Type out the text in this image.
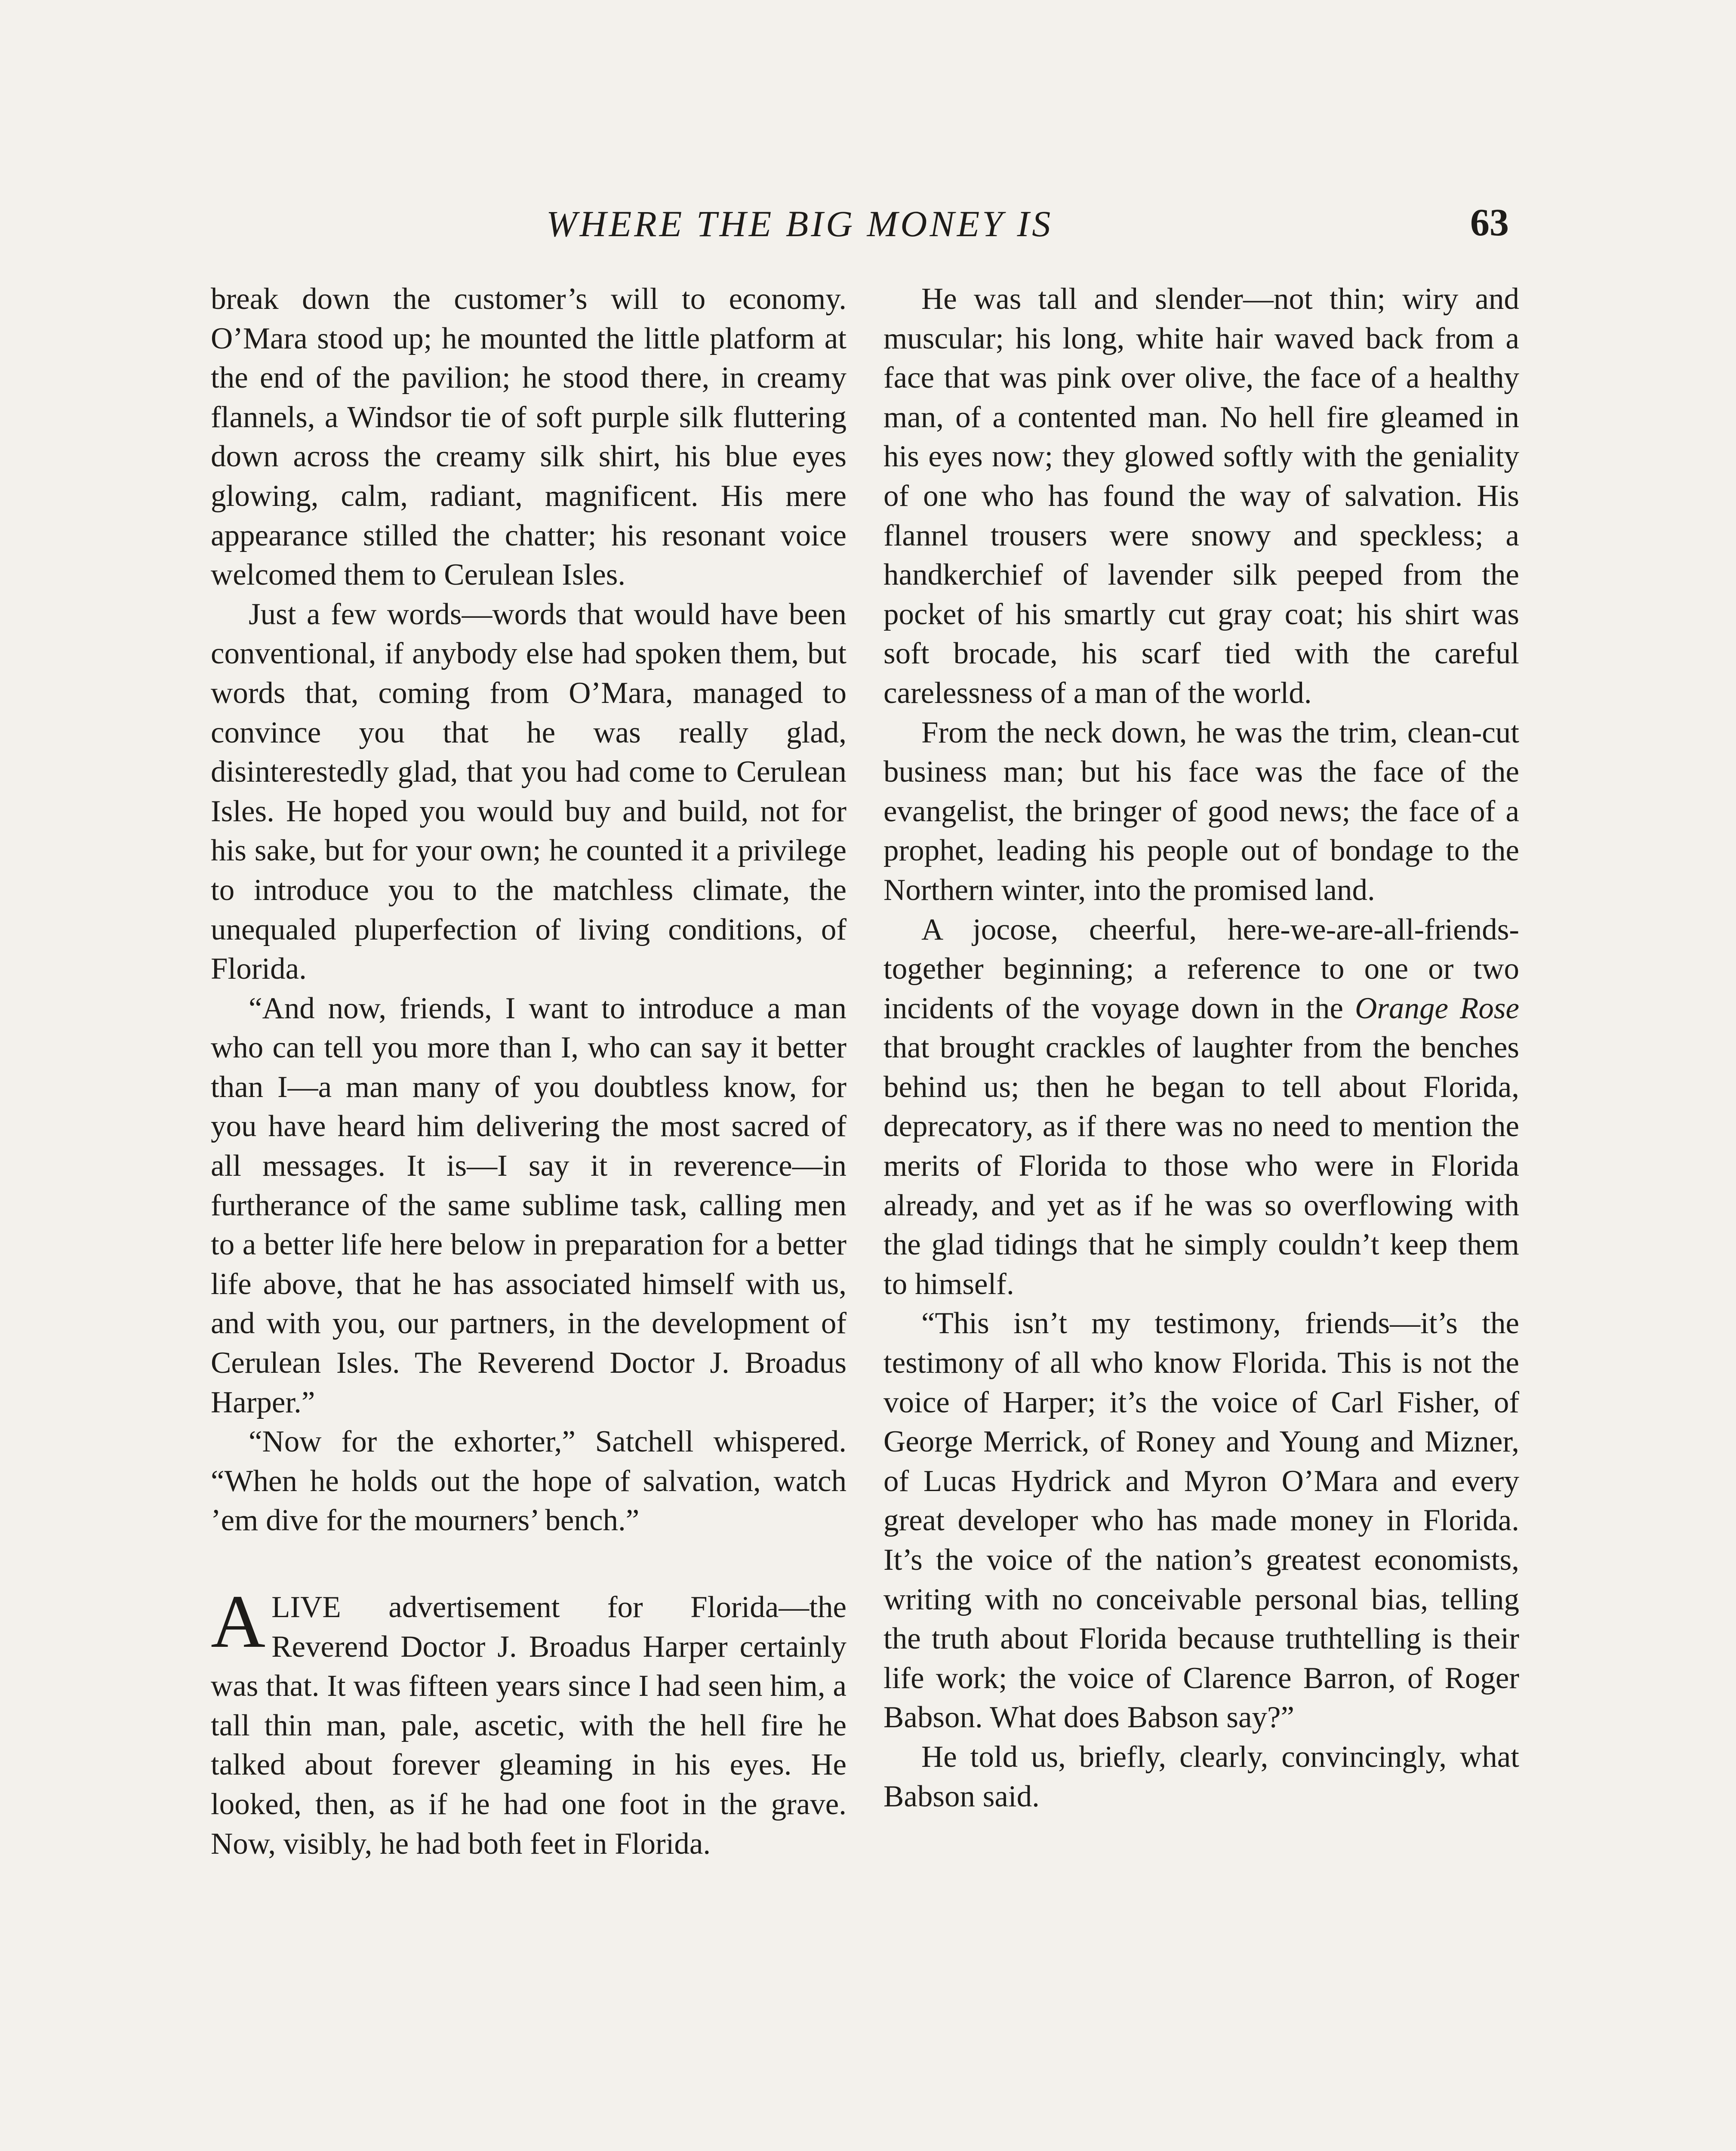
WHERE THE BIG MONEY IS	63

break down the customer’s will to economy. O’Mara stood up; he mounted the little platform at the end of the pavilion; he stood there, in creamy flannels, a Windsor tie of soft purple silk fluttering down across the creamy silk shirt, his blue eyes glowing, calm, radiant, magnificent. His mere appearance stilled the chatter; his resonant voice welcomed them to Cerulean Isles.

Just a few words—words that would have been conventional, if anybody else had spoken them, but words that, coming from O’Mara, managed to convince you that he was really glad, disinterestedly glad, that you had come to Cerulean Isles. He hoped you would buy and build, not for his sake, but for your own; he counted it a privilege to introduce you to the matchless climate, the unequaled pluperfection of living conditions, of Florida.

“And now, friends, I want to introduce a man who can tell you more than I, who can say it better than I—a man many of you doubtless know, for you have heard him delivering the most sacred of all messages. It is—I say it in reverence—in furtherance of the same sublime task, calling men to a better life here below in preparation for a better life above, that he has associated himself with us, and with you, our partners, in the development of Cerulean Isles. The Reverend Doctor J. Broadus Harper.”

“Now for the exhorter,” Satchell whispered. “When he holds out the hope of salvation, watch ’em dive for the mourners’ bench.”

ALIVE advertisement for Florida—the Reverend Doctor J. Broadus Harper certainly was that. It was fifteen years since I had seen him, a tall thin man, pale, ascetic, with the hell fire he talked about forever gleaming in his eyes. He looked, then, as if he had one foot in the grave. Now, visibly, he had both feet in Florida.

He was tall and slender—not thin; wiry and muscular; his long, white hair waved back from a face that was pink over olive, the face of a healthy man, of a contented man. No hell fire gleamed in his eyes now; they glowed softly with the geniality of one who has found the way of salvation. His flannel trousers were snowy and speckless; a handkerchief of lavender silk peeped from the pocket of his smartly cut gray coat; his shirt was soft brocade, his scarf tied with the careful carelessness of a man of the world.

From the neck down, he was the trim, clean-cut business man; but his face was the face of the evangelist, the bringer of good news; the face of a prophet, leading his people out of bondage to the Northern winter, into the promised land.

A jocose, cheerful, here-we-are-all-friends-together beginning; a reference to one or two incidents of the voyage down in the Orange Rose that brought crackles of laughter from the benches behind us; then he began to tell about Florida, deprecatory, as if there was no need to mention the merits of Florida to those who were in Florida already, and yet as if he was so overflowing with the glad tidings that he simply couldn’t keep them to himself.

“This isn’t my testimony, friends—it’s the testimony of all who know Florida. This is not the voice of Harper; it’s the voice of Carl Fisher, of George Merrick, of Roney and Young and Mizner, of Lucas Hydrick and Myron O’Mara and every great developer who has made money in Florida. It’s the voice of the nation’s greatest economists, writing with no conceivable personal bias, telling the truth about Florida because truthtelling is their life work; the voice of Clarence Barron, of Roger Babson. What does Babson say?”

He told us, briefly, clearly, convincingly, what Babson said.
